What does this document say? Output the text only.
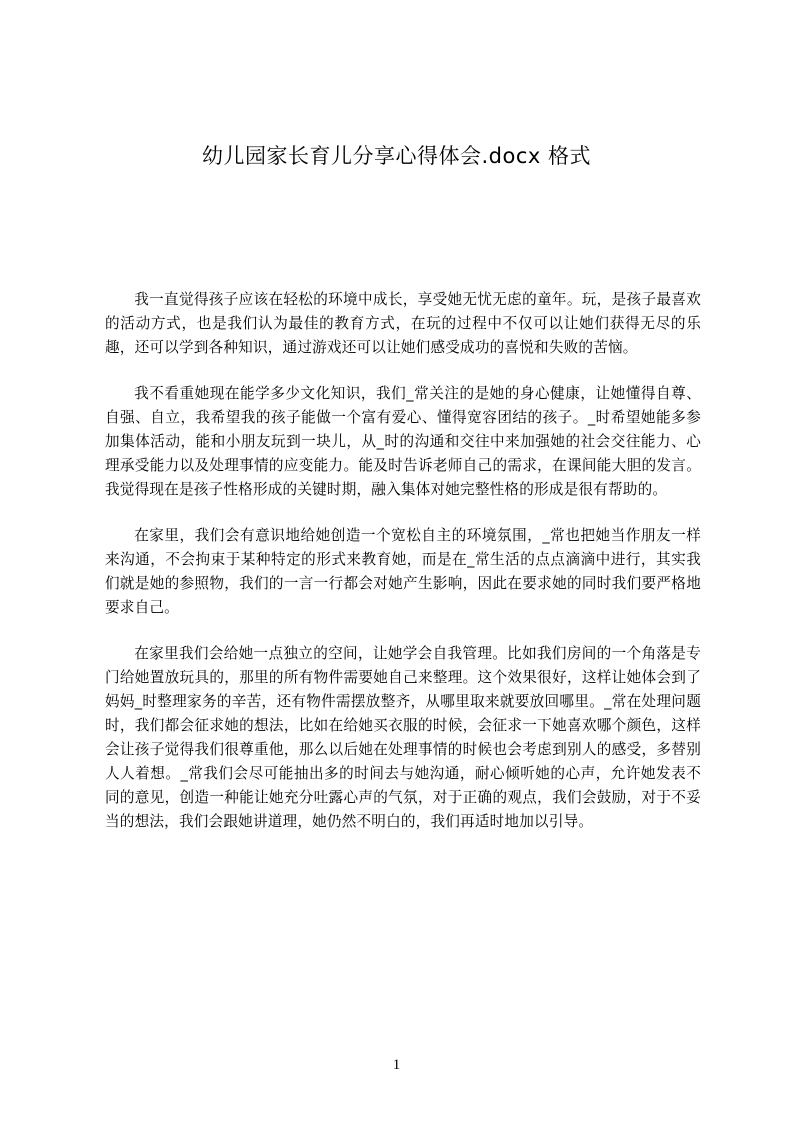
幼儿园家长育儿分享心得体会.docx 格式

我一直觉得孩子应该在轻松的环境中成长，享受她无忧无虑的童年。玩，是孩子最喜欢的活动方式，也是我们认为最佳的教育方式，在玩的过程中不仅可以让她们获得无尽的乐趣，还可以学到各种知识，通过游戏还可以让她们感受成功的喜悦和失败的苦恼。

我不看重她现在能学多少文化知识，我们_常关注的是她的身心健康，让她懂得自尊、自强、自立，我希望我的孩子能做一个富有爱心、懂得宽容团结的孩子。_时希望她能多参加集体活动，能和小朋友玩到一块儿，从_时的沟通和交往中来加强她的社会交往能力、心理承受能力以及处理事情的应变能力。能及时告诉老师自己的需求，在课间能大胆的发言。我觉得现在是孩子性格形成的关键时期，融入集体对她完整性格的形成是很有帮助的。

在家里，我们会有意识地给她创造一个宽松自主的环境氛围，_常也把她当作朋友一样来沟通，不会拘束于某种特定的形式来教育她，而是在_常生活的点点滴滴中进行，其实我们就是她的参照物，我们的一言一行都会对她产生影响，因此在要求她的同时我们要严格地要求自己。

在家里我们会给她一点独立的空间，让她学会自我管理。比如我们房间的一个角落是专门给她置放玩具的，那里的所有物件需要她自己来整理。这个效果很好，这样让她体会到了妈妈_时整理家务的辛苦，还有物件需摆放整齐，从哪里取来就要放回哪里。_常在处理问题时，我们都会征求她的想法，比如在给她买衣服的时候，会征求一下她喜欢哪个颜色，这样会让孩子觉得我们很尊重他，那么以后她在处理事情的时候也会考虑到别人的感受，多替别人人着想。_常我们会尽可能抽出多的时间去与她沟通，耐心倾听她的心声，允许她发表不同的意见，创造一种能让她充分吐露心声的气氛，对于正确的观点，我们会鼓励，对于不妥当的想法，我们会跟她讲道理，她仍然不明白的，我们再适时地加以引导。

1
